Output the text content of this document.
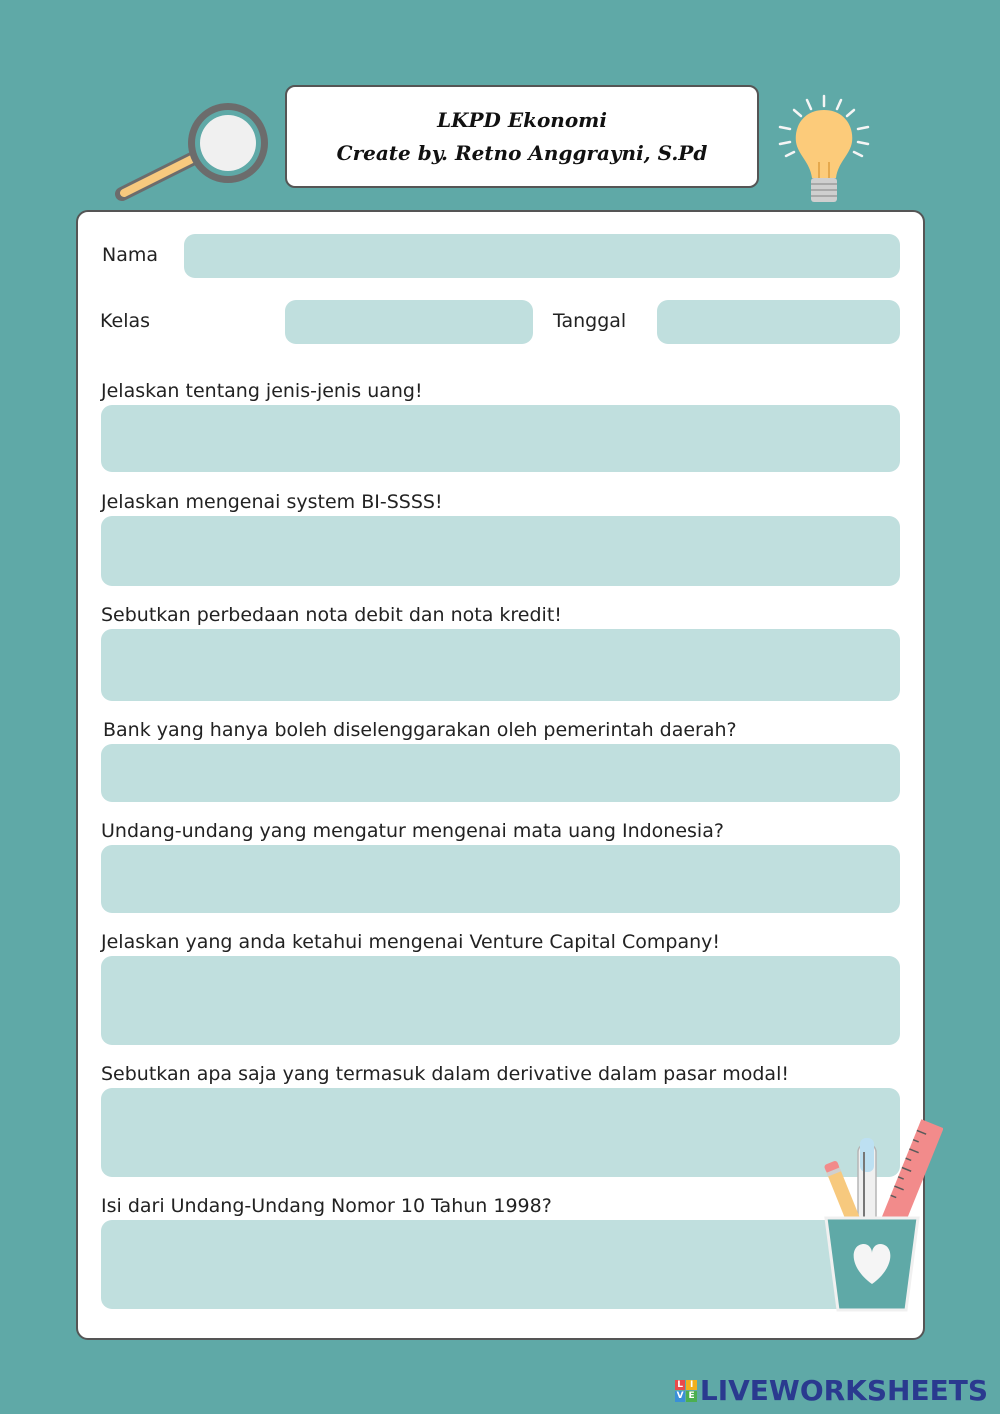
LKPD Ekonomi
Create by. Retno Anggrayni, S.Pd
Nama
Kelas	Tanggal
Jelaskan tentang jenis-jenis uang!
Jelaskan mengenai system BI-SSSS!
Sebutkan perbedaan nota debit dan nota kredit!
Bank yang hanya boleh diselenggarakan oleh pemerintah daerah?
Undang-undang yang mengatur mengenai mata uang Indonesia?
Jelaskan yang anda ketahui mengenai Venture Capital Company!
Sebutkan apa saja yang termasuk dalam derivative dalam pasar modal!
Isi dari Undang-Undang Nomor 10 Tahun 1998?
L I
V E LIVEWORKSHEETS
